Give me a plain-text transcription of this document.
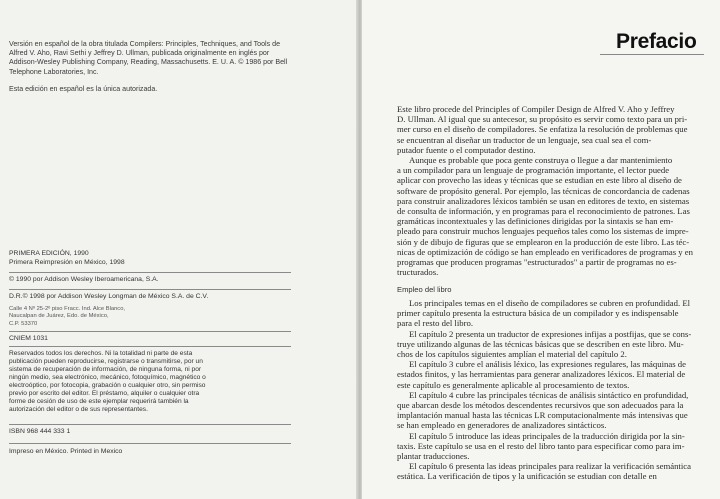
Versión en español de la obra titulada Compilers: Principles, Techniques, and Tools de
Alfred V. Aho, Ravi Sethi y Jeffrey D. Ullman, publicada originalmente en inglés por
Addison-Wesley Publishing Company, Reading, Massachusetts. E. U. A. © 1986 por Bell
Telephone Laboratories, Inc.
Esta edición en español es la única autorizada.
PRIMERA EDICIÓN, 1990
Primera Reimpresión en México, 1998
© 1990 por Addison Wesley Iberoamericana, S.A.
D.R.© 1998 por Addison Wesley Longman de México S.A. de C.V.
Calle 4 Nº 25-2º piso Fracc. Ind. Alce Blanco,
Naucalpan de Juárez, Edo. de México,
C.P. 53370
CNIEM 1031
Reservados todos los derechos. Ni la totalidad ni parte de esta
publicación pueden reproducirse, registrarse o transmitirse, por un
sistema de recuperación de información, de ninguna forma, ni por
ningún medio, sea electrónico, mecánico, fotoquímico, magnético o
electroóptico, por fotocopia, grabación o cualquier otro, sin permiso
previo por escrito del editor. El préstamo, alquiler o cualquier otra
forme de cesión de uso de este ejemplar requerirá también la
autorización del editor o de sus representantes.
ISBN 968 444 333 1
Impreso en México. Printed in Mexico
Prefacio
Este libro procede del Principles of Compiler Design de Alfred V. Aho y Jeffrey
D. Ullman. Al igual que su antecesor, su propósito es servir como texto para un pri-
mer curso en el diseño de compiladores. Se enfatiza la resolución de problemas que
se encuentran al diseñar un traductor de un lenguaje, sea cual sea el com-
putador fuente o el computador destino.
Aunque es probable que poca gente construya o llegue a dar mantenimiento
a un compilador para un lenguaje de programación importante, el lector puede
aplicar con provecho las ideas y técnicas que se estudian en este libro al diseño de
software de propósito general. Por ejemplo, las técnicas de concordancia de cadenas
para construir analizadores léxicos también se usan en editores de texto, en sistemas
de consulta de información, y en programas para el reconocimiento de patrones. Las
gramáticas incontextuales y las definiciones dirigidas por la sintaxis se han em-
pleado para construir muchos lenguajes pequeños tales como los sistemas de impre-
sión y de dibujo de figuras que se emplearon en la producción de este libro. Las téc-
nicas de optimización de código se han empleado en verificadores de programas y en
programas que producen programas "estructurados" a partir de programas no es-
tructurados.
Empleo del libro
Los principales temas en el diseño de compiladores se cubren en profundidad. El
primer capítulo presenta la estructura básica de un compilador y es indispensable
para el resto del libro.
El capítulo 2 presenta un traductor de expresiones infijas a postfijas, que se cons-
truye utilizando algunas de las técnicas básicas que se describen en este libro. Mu-
chos de los capítulos siguientes amplían el material del capítulo 2.
El capítulo 3 cubre el análisis léxico, las expresiones regulares, las máquinas de
estados finitos, y las herramientas para generar analizadores léxicos. El material de
este capítulo es generalmente aplicable al procesamiento de textos.
El capítulo 4 cubre las principales técnicas de análisis sintáctico en profundidad,
que abarcan desde los métodos descendentes recursivos que son adecuados para la
implantación manual hasta las técnicas LR computacionalmente más intensivas que
se han empleado en generadores de analizadores sintácticos.
El capítulo 5 introduce las ideas principales de la traducción dirigida por la sin-
taxis. Este capítulo se usa en el resto del libro tanto para especificar como para im-
plantar traducciones.
El capítulo 6 presenta las ideas principales para realizar la verificación semántica
estática. La verificación de tipos y la unificación se estudian con detalle en
